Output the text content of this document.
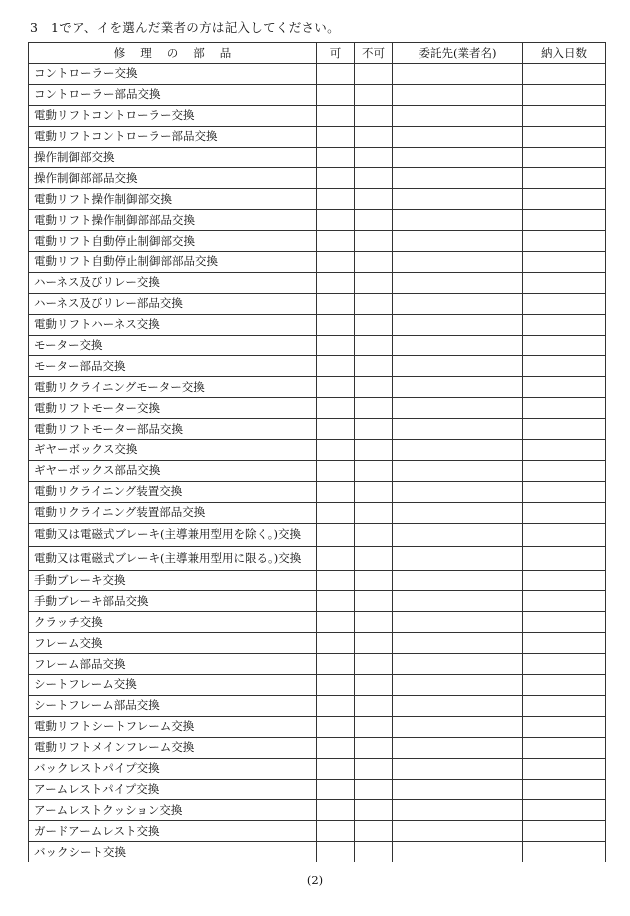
3　1でア、イを選んだ業者の方は記入してください。
修理の部品	可	不可	委託先(業者名)	納入日数
コントローラー交換				
コントローラー部品交換				
電動リフトコントローラー交換				
電動リフトコントローラー部品交換				
操作制御部交換				
操作制御部部品交換				
電動リフト操作制御部交換				
電動リフト操作制御部部品交換				
電動リフト自動停止制御部交換				
電動リフト自動停止制御部部品交換				
ハーネス及びリレー交換				
ハーネス及びリレー部品交換				
電動リフトハーネス交換				
モーター交換				
モーター部品交換				
電動リクライニングモーター交換				
電動リフトモーター交換				
電動リフトモーター部品交換				
ギヤーボックス交換				
ギヤーボックス部品交換				
電動リクライニング装置交換				
電動リクライニング装置部品交換				
電動又は電磁式ブレーキ(主導兼用型用を除く。)交換				
電動又は電磁式ブレーキ(主導兼用型用に限る。)交換				
手動ブレーキ交換				
手動ブレーキ部品交換				
クラッチ交換				
フレーム交換				
フレーム部品交換				
シートフレーム交換				
シートフレーム部品交換				
電動リフトシートフレーム交換				
電動リフトメインフレーム交換				
バックレストパイプ交換				
アームレストパイプ交換				
アームレストクッション交換				
ガードアームレスト交換				
バックシート交換				
(2)
